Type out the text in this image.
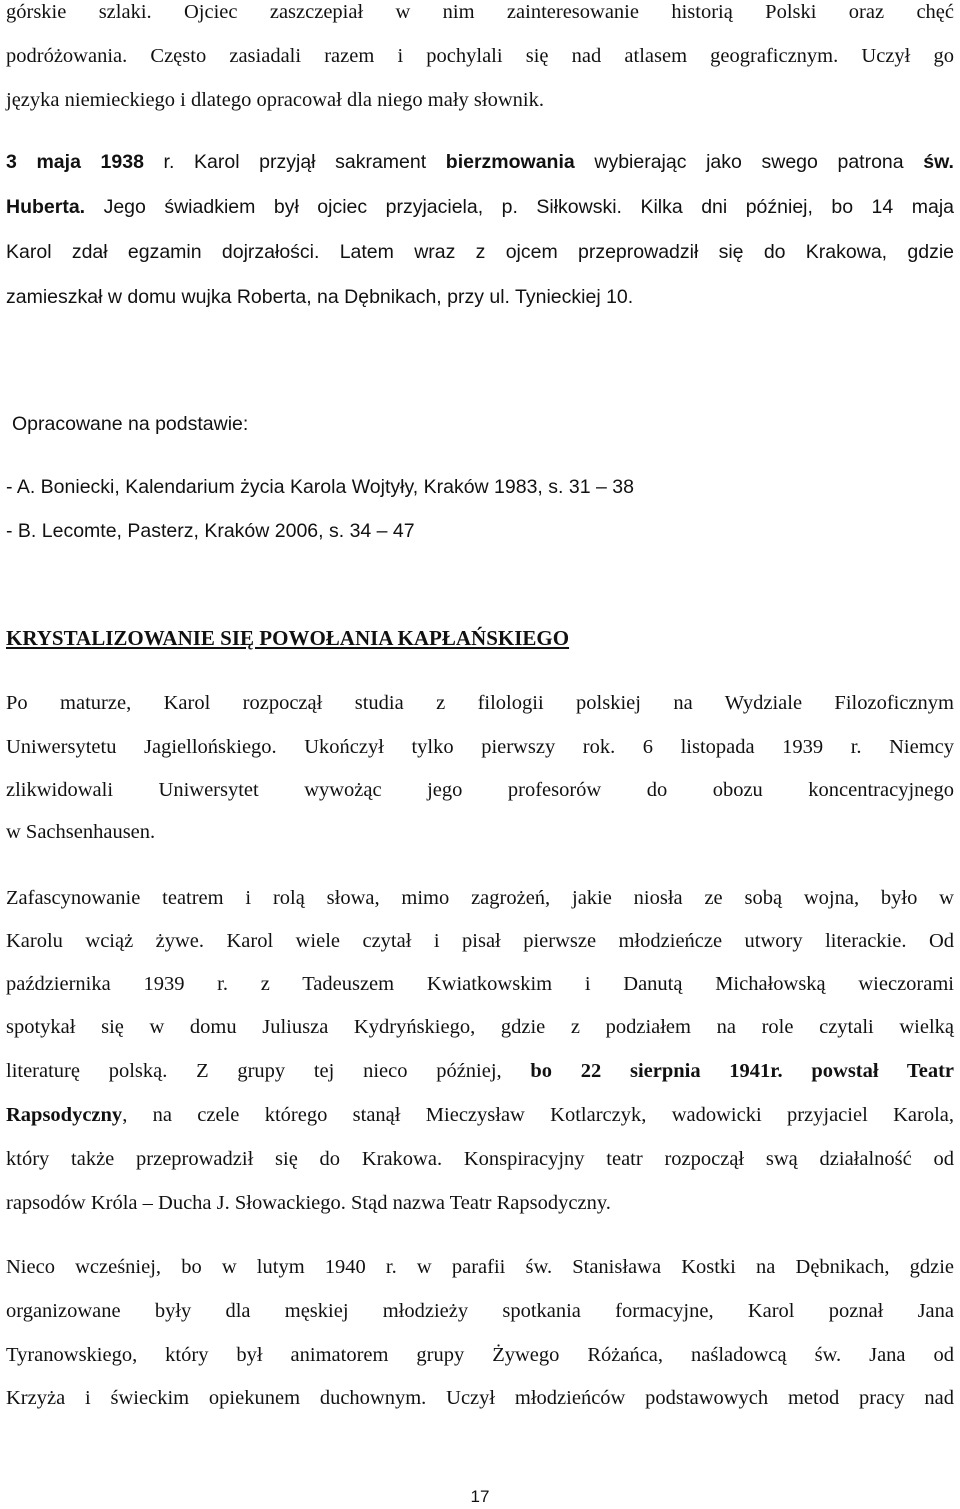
górskie szlaki. Ojciec zaszczepiał w nim zainteresowanie historią Polski oraz chęć
podróżowania. Często zasiadali razem i pochylali się nad atlasem geograficznym. Uczył go
języka niemieckiego i dlatego opracował dla niego mały słownik.
3 maja 1938 r. Karol przyjął sakrament bierzmowania wybierając jako swego patrona św.
Huberta. Jego świadkiem był ojciec przyjaciela, p. Siłkowski. Kilka dni później, bo 14 maja
Karol zdał egzamin dojrzałości. Latem wraz z ojcem przeprowadził się do Krakowa, gdzie
zamieszkał w domu wujka Roberta, na Dębnikach, przy ul. Tynieckiej 10.
Opracowane na podstawie:
- A. Boniecki, Kalendarium życia Karola Wojtyły, Kraków 1983, s. 31 – 38
- B. Lecomte, Pasterz, Kraków 2006, s. 34 – 47
KRYSTALIZOWANIE SIĘ POWOŁANIA KAPŁAŃSKIEGO
Po maturze, Karol rozpoczął studia z filologii polskiej na Wydziale Filozoficznym
Uniwersytetu Jagiellońskiego. Ukończył tylko pierwszy rok. 6 listopada 1939 r. Niemcy
zlikwidowali Uniwersytet wywożąc jego profesorów do obozu koncentracyjnego
w Sachsenhausen.
Zafascynowanie teatrem i rolą słowa, mimo zagrożeń, jakie niosła ze sobą wojna, było w
Karolu wciąż żywe. Karol wiele czytał i pisał pierwsze młodzieńcze utwory literackie. Od
października 1939 r. z Tadeuszem Kwiatkowskim i Danutą Michałowską wieczorami
spotykał się w domu Juliusza Kydryńskiego, gdzie z podziałem na role czytali wielką
literaturę polską. Z grupy tej nieco później, bo 22 sierpnia 1941r. powstał Teatr
Rapsodyczny, na czele którego stanął Mieczysław Kotlarczyk, wadowicki przyjaciel Karola,
który także przeprowadził się do Krakowa. Konspiracyjny teatr rozpoczął swą działalność od
rapsodów Króla – Ducha J. Słowackiego. Stąd nazwa Teatr Rapsodyczny.
Nieco wcześniej, bo w lutym 1940 r. w parafii św. Stanisława Kostki na Dębnikach, gdzie
organizowane były dla męskiej młodzieży spotkania formacyjne, Karol poznał Jana
Tyranowskiego, który był animatorem grupy Żywego Różańca, naśladowcą św. Jana od
Krzyża i świeckim opiekunem duchownym. Uczył młodzieńców podstawowych metod pracy nad
17
